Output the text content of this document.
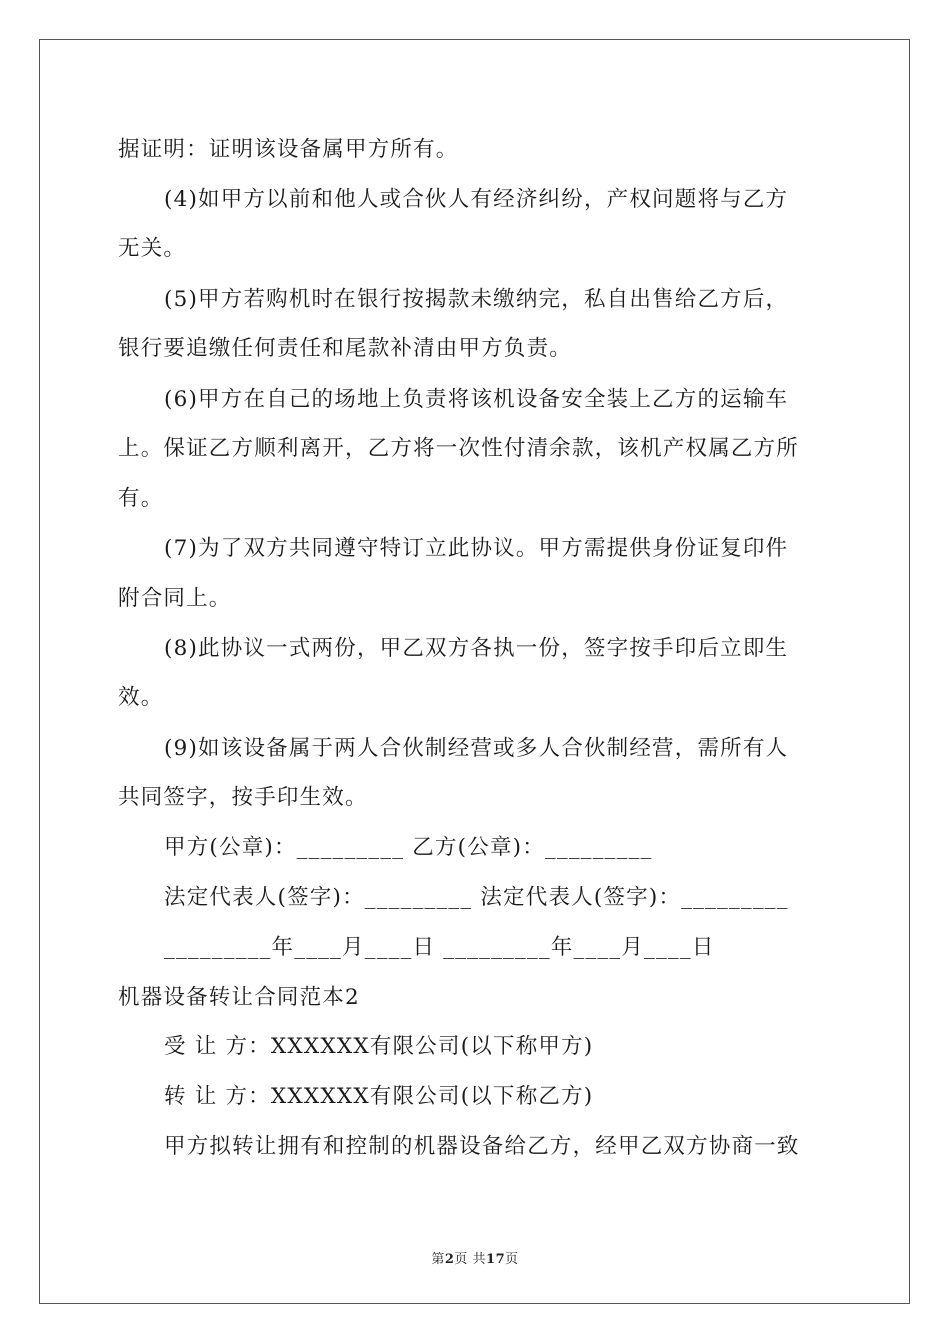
据证明：证明该设备属甲方所有。
(4)如甲方以前和他人或合伙人有经济纠纷，产权问题将与乙方
无关。
(5)甲方若购机时在银行按揭款未缴纳完，私自出售给乙方后，
银行要追缴任何责任和尾款补清由甲方负责。
(6)甲方在自己的场地上负责将该机设备安全装上乙方的运输车
上。保证乙方顺利离开，乙方将一次性付清余款，该机产权属乙方所
有。
(7)为了双方共同遵守特订立此协议。甲方需提供身份证复印件
附合同上。
(8)此协议一式两份，甲乙双方各执一份，签字按手印后立即生
效。
(9)如该设备属于两人合伙制经营或多人合伙制经营，需所有人
共同签字，按手印生效。
甲方(公章)：_________ 乙方(公章)：_________
法定代表人(签字)：_________ 法定代表人(签字)：_________
_________年____月____日 _________年____月____日
机器设备转让合同范本2
受 让 方：XXXXXX有限公司(以下称甲方)
转 让 方：XXXXXX有限公司(以下称乙方)
甲方拟转让拥有和控制的机器设备给乙方，经甲乙双方协商一致
第2页 共17页
